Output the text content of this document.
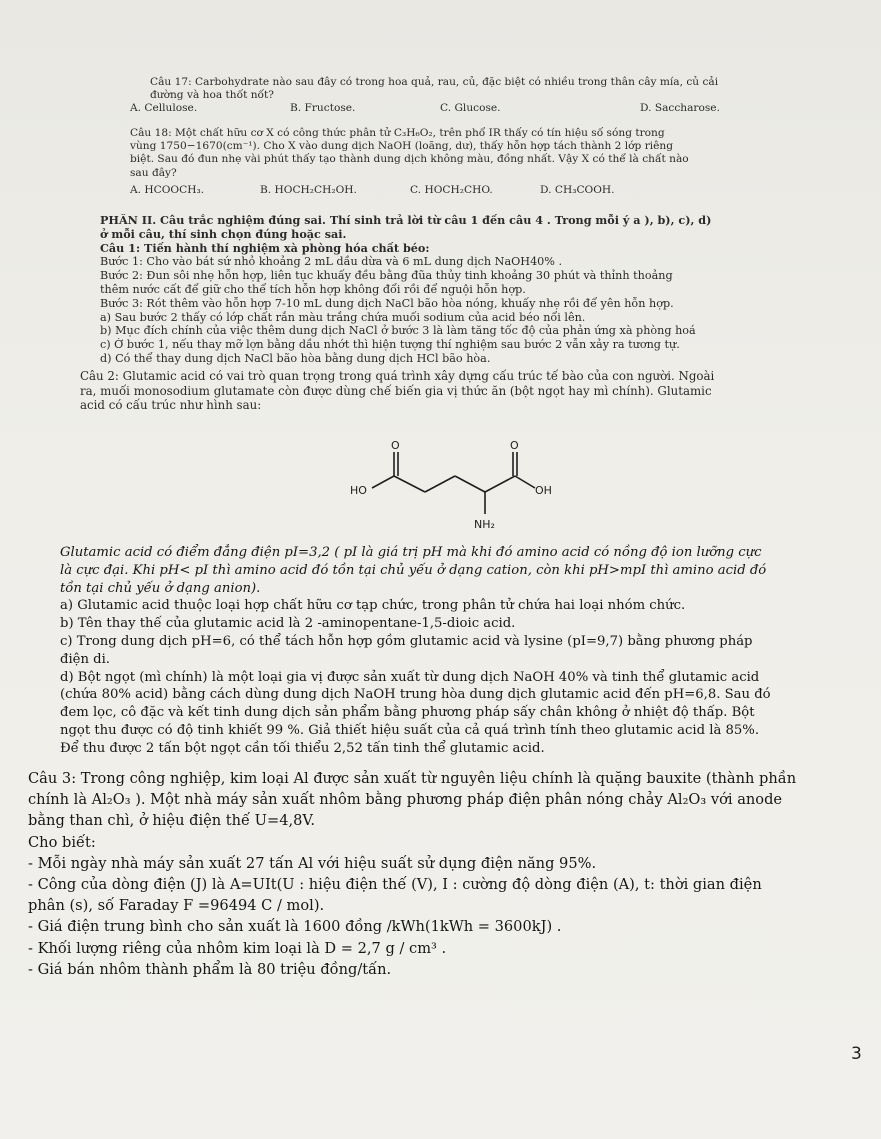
Câu 17: Carbohydrate nào sau đây có trong hoa quả, rau, củ, đặc biệt có nhiều trong thân cây mía, củ cải
đường và hoa thốt nốt?
A. Cellulose.	B. Fructose.	C. Glucose.	D. Saccharose.
Câu 18: Một chất hữu cơ X có công thức phân tử C₃H₆O₂, trên phổ IR thấy có tín hiệu số sóng trong
vùng 1750−1670(cm⁻¹). Cho X vào dung dịch NaOH (loãng, dư), thấy hỗn hợp tách thành 2 lớp riêng
biệt. Sau đó đun nhẹ vài phút thấy tạo thành dung dịch không màu, đồng nhất. Vậy X có thể là chất nào
sau đây?
A. HCOOCH₃.	B. HOCH₂CH₂OH.	C. HOCH₂CHO.	D. CH₃COOH.
PHẦN II. Câu trắc nghiệm đúng sai. Thí sinh trả lời từ câu 1 đến câu 4 . Trong mỗi ý a ), b), c), d)
ở mỗi câu, thí sinh chọn đúng hoặc sai.
Câu 1: Tiến hành thí nghiệm xà phòng hóa chất béo:
Bước 1: Cho vào bát sứ nhỏ khoảng 2 mL dầu dừa và 6 mL dung dịch NaOH40% .
Bước 2: Đun sôi nhẹ hỗn hợp, liên tục khuấy đều bằng đũa thủy tinh khoảng 30 phút và thỉnh thoảng
thêm nước cất để giữ cho thể tích hỗn hợp không đổi rồi để nguội hỗn hợp.
Bước 3: Rót thêm vào hỗn hợp 7-10 mL dung dịch NaCl bão hòa nóng, khuấy nhẹ rồi để yên hỗn hợp.
a) Sau bước 2 thấy có lớp chất rắn màu trắng chứa muối sodium của acid béo nổi lên.
b) Mục đích chính của việc thêm dung dịch NaCl ở bước 3 là làm tăng tốc độ của phản ứng xà phòng hoá
c) Ở bước 1, nếu thay mỡ lợn bằng dầu nhớt thì hiện tượng thí nghiệm sau bước 2 vẫn xảy ra tương tự.
d) Có thể thay dung dịch NaCl bão hòa bằng dung dịch HCl bão hòa.
Câu 2: Glutamic acid có vai trò quan trọng trong quá trình xây dựng cấu trúc tế bào của con người. Ngoài
ra, muối monosodium glutamate còn được dùng chế biến gia vị thức ăn (bột ngọt hay mì chính). Glutamic
acid có cấu trúc như hình sau:
HO
O	O
OH
NH₂
Glutamic acid có điểm đẳng điện pI=3,2 ( pI là giá trị pH mà khi đó amino acid có nồng độ ion lưỡng cực
là cực đại. Khi pH< pI thì amino acid đó tồn tại chủ yếu ở dạng cation, còn khi pH>mpI thì amino acid đó
tồn tại chủ yếu ở dạng anion).
a) Glutamic acid thuộc loại hợp chất hữu cơ tạp chức, trong phân tử chứa hai loại nhóm chức.
b) Tên thay thế của glutamic acid là 2 -aminopentane-1,5-dioic acid.
c) Trong dung dịch pH=6, có thể tách hỗn hợp gồm glutamic acid và lysine (pI=9,7) bằng phương pháp
điện di.
d) Bột ngọt (mì chính) là một loại gia vị được sản xuất từ dung dịch NaOH 40% và tinh thể glutamic acid
(chứa 80% acid) bằng cách dùng dung dịch NaOH trung hòa dung dịch glutamic acid đến pH=6,8. Sau đó
đem lọc, cô đặc và kết tinh dung dịch sản phẩm bằng phương pháp sấy chân không ở nhiệt độ thấp. Bột
ngọt thu được có độ tinh khiết 99 %. Giả thiết hiệu suất của cả quá trình tính theo glutamic acid là 85%.
Để thu được 2 tấn bột ngọt cần tối thiểu 2,52 tấn tinh thể glutamic acid.
Câu 3: Trong công nghiệp, kim loại Al được sản xuất từ nguyên liệu chính là quặng bauxite (thành phần
chính là Al₂O₃ ). Một nhà máy sản xuất nhôm bằng phương pháp điện phân nóng chảy Al₂O₃ với anode
bằng than chì, ở hiệu điện thế U=4,8V.
Cho biết:
- Mỗi ngày nhà máy sản xuất 27 tấn Al với hiệu suất sử dụng điện năng 95%.
- Công của dòng điện (J) là A=UIt(U : hiệu điện thế (V), I : cường độ dòng điện (A), t: thời gian điện
phân (s), số Faraday F =96494 C / mol).
- Giá điện trung bình cho sản xuất là 1600 đồng /kWh(1kWh = 3600kJ) .
- Khối lượng riêng của nhôm kim loại là D = 2,7 g / cm³ .
- Giá bán nhôm thành phẩm là 80 triệu đồng/tấn.
3
